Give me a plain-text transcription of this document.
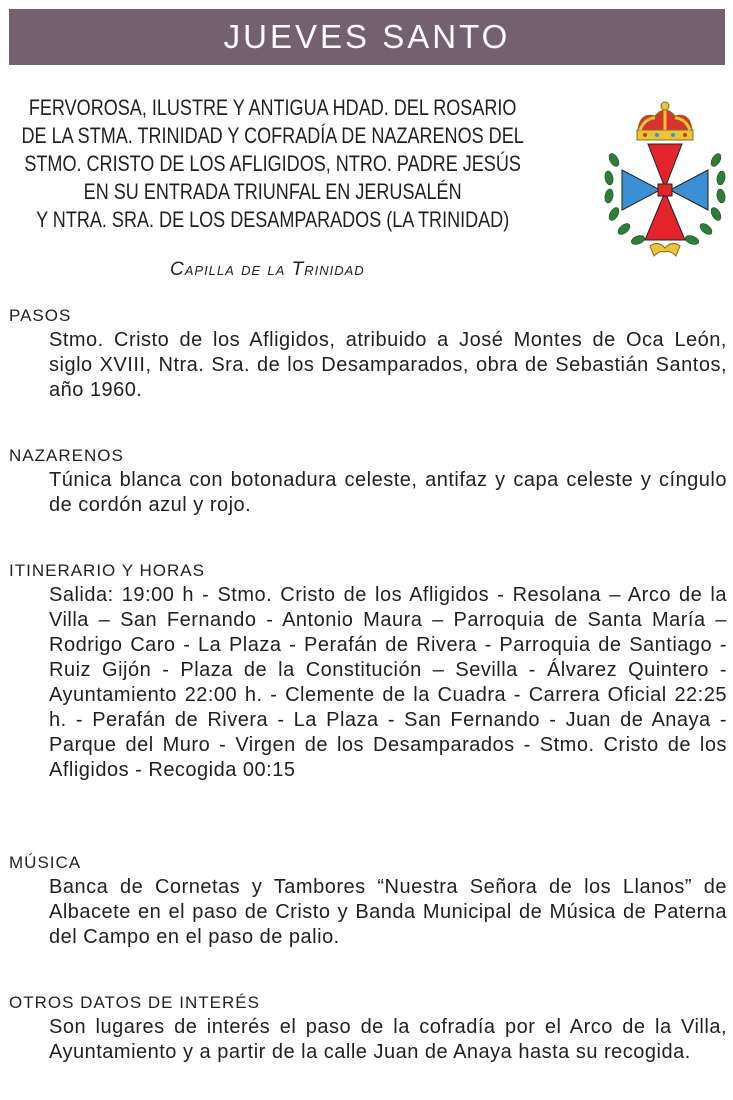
JUEVES SANTO
FERVOROSA, ILUSTRE Y ANTIGUA HDAD. DEL ROSARIO
DE LA STMA. TRINIDAD Y COFRADÍA DE NAZARENOS DEL
STMO. CRISTO DE LOS AFLIGIDOS, NTRO. PADRE JESÚS
EN SU ENTRADA TRIUNFAL EN JERUSALÉN
Y NTRA. SRA. DE LOS DESAMPARADOS (LA TRINIDAD)
Capilla de la Trinidad
PASOS

Stmo. Cristo de los Afligidos, atribuido a José Montes de Oca León, siglo XVIII, Ntra. Sra. de los Desamparados, obra de Sebastián Santos, año 1960.

NAZARENOS

Túnica blanca con botonadura celeste, antifaz y capa celeste y cíngulo de cordón azul y rojo.

ITINERARIO Y HORAS

Salida: 19:00 h - Stmo. Cristo de los Afligidos - Resolana – Arco de la Villa – San Fernando - Antonio Maura – Parroquia de Santa María – Rodrigo Caro - La Plaza - Perafán de Rivera - Parroquia de Santiago - Ruiz Gijón - Plaza de la Constitución – Sevilla - Álvarez Quintero - Ayuntamiento 22:00 h. - Clemente de la Cuadra - Carrera Oficial 22:25 h. - Perafán de Rivera - La Plaza - San Fernando - Juan de Anaya - Parque del Muro - Virgen de los Desamparados - Stmo. Cristo de los Afligidos - Recogida 00:15

MÚSICA

Banca de Cornetas y Tambores “Nuestra Señora de los Llanos” de Albacete en el paso de Cristo y Banda Municipal de Música de Paterna del Campo en el paso de palio.

OTROS DATOS DE INTERÉS

Son lugares de interés el paso de la cofradía por el Arco de la Villa, Ayuntamiento y a partir de la calle Juan de Anaya hasta su recogida.
